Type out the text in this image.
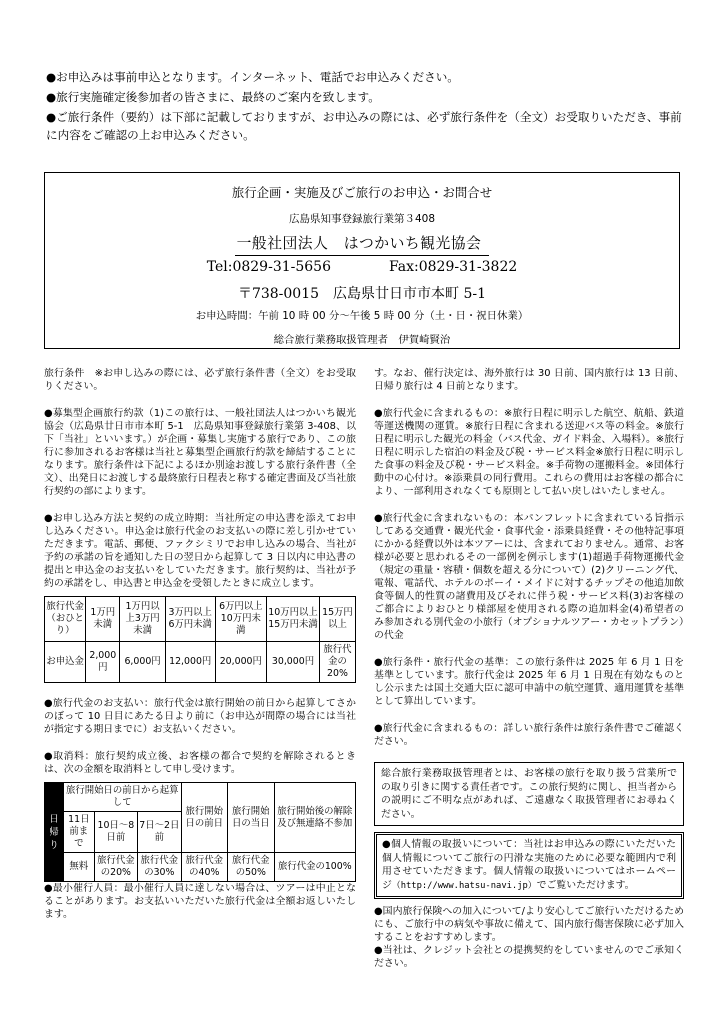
●お申込みは事前申込となります。インターネット、電話でお申込みください。

●旅行実施確定後参加者の皆さまに、最終のご案内を致します。

●ご旅行条件（要約）は下部に記載しておりますが、お申込みの際には、必ず旅行条件を（全文）お受取りいただき、事前に内容をご確認の上お申込みください。

旅行企画・実施及びご旅行のお申込・お問合せ
広島県知事登録旅行業第３408
一般社団法人　はつかいち観光協会
Tel:0829-31-5656	Fax:0829-31-3822
〒738-0015　広島県廿日市市本町 5-1
お申込時間：午前 10 時 00 分～午後 5 時 00 分（土・日・祝日休業）
総合旅行業務取扱管理者　伊賀崎賢治

旅行条件　※お申し込みの際には、必ず旅行条件書（全文）をお受取りください。

●募集型企画旅行約款（1)この旅行は、一般社団法人はつかいち観光協会（広島県廿日市市本町 5-1　広島県知事登録旅行業第 3-408、以下「当社」といいます。）が企画・募集し実施する旅行であり、この旅行に参加されるお客様は当社と募集型企画旅行約款を締結することになります。旅行条件は下記によるほか別途お渡しする旅行条件書（全文）、出発日にお渡しする最終旅行日程表と称する確定書面及び当社旅行契約の部によります。

●お申し込み方法と契約の成立時期：当社所定の申込書を添えてお申し込みください。申込金は旅行代金のお支払いの際に差し引かせていただきます。電話、郵便、ファクシミリでお申し込みの場合、当社が予約の承諾の旨を通知した日の翌日から起算して 3 日以内に申込書の提出と申込金のお支払いをしていただきます。旅行契約は、当社が予約の承諾をし、申込書と申込金を受領したときに成立します。

旅行代金（おひとり）	1万円未満	1万円以上3万円未満	3万円以上6万円未満	6万円以上10万円未満	10万円以上15万円未満	15万円以上
お申込金	2,000円	6,000円	12,000円	20,000円	30,000円	旅行代金の20%

●旅行代金のお支払い：旅行代金は旅行開始の前日から起算してさかのぼって 10 日目にあたる日より前に（お申込が間際の場合には当社が指定する期日までに）お支払いください。

●取消料：旅行契約成立後、お客様の都合で契約を解除されるときは、次の金額を取消料として申し受けます。

日帰り	旅行開始日の前日から起算して			旅行開始日の前日	旅行開始日の当日	旅行開始後の解除及び無連絡不参加
	11日前まで	10日～8日前	7日～2日前			
	無料	旅行代金の20%	旅行代金の30%	旅行代金の40%	旅行代金の50%	旅行代金の100%

●最小催行人員：最小催行人員に達しない場合は、ツアーは中止となることがあります。お支払いいただいた旅行代金は全額お返しいたします。

す。なお、催行決定は、海外旅行は 30 日前、国内旅行は 13 日前、日帰り旅行は 4 日前となります。

●旅行代金に含まれるもの：※旅行日程に明示した航空、航船、鉄道等運送機関の運賃。※旅行日程に含まれる送迎バス等の料金。※旅行日程に明示した観光の料金（バス代金、ガイド料金、入場料）。※旅行日程に明示した宿泊の料金及び税・サービス料金※旅行日程に明示した食事の料金及び税・サービス料金。※手荷物の運搬料金。※団体行動中の心付け。※添乗員の同行費用。これらの費用はお客様の都合により、一部利用されなくても原則として払い戻しはいたしません。

●旅行代金に含まれないもの：本パンフレットに含まれている旨指示してある交通費・観光代金・食事代金・添乗員経費・その他特記事項にかかる経費以外は本ツアーには、含まれておりません。通常、お客様が必要と思われるその一部例を例示します(1)超過手荷物運搬代金（規定の重量・容積・個数を超える分について）(2)クリーニング代、電報、電話代、ホテルのボーイ・メイドに対するチップその他追加飲食等個人的性質の諸費用及びそれに伴う税・サービス料(3)お客様のご都合によりおひとり様部屋を使用される際の追加料金(4)希望者のみ参加される別代金の小旅行（オプショナルツアー・カセットプラン）の代金

●旅行条件・旅行代金の基準：この旅行条件は 2025 年 6 月 1 日を基準としています。旅行代金は 2025 年 6 月 1 日現在有効なものとし公示または国土交通大臣に認可申請中の航空運賃、適用運賃を基準として算出しています。

●旅行代金に含まれるもの：詳しい旅行条件は旅行条件書でご確認ください。

総合旅行業務取扱管理者とは、お客様の旅行を取り扱う営業所での取り引きに関する責任者です。この旅行契約に関し、担当者からの説明にご不明な点があれば、ご遠慮なく取扱管理者にお尋ねください。
●個人情報の取扱いについて：当社はお申込みの際にいただいた個人情報についてご旅行の円滑な実施のために必要な範囲内で利用させていただきます。個人情報の取扱いについてはホームページ（http://www.hatsu-navi.jp）でご覧いただけます。

●国内旅行保険への加入について/より安心してご旅行いただけるためにも、ご旅行中の病気や事故に備えて、国内旅行傷害保険に必ず加入することをおすすめします。

●当社は、クレジット会社との提携契約をしていませんのでご承知ください。
